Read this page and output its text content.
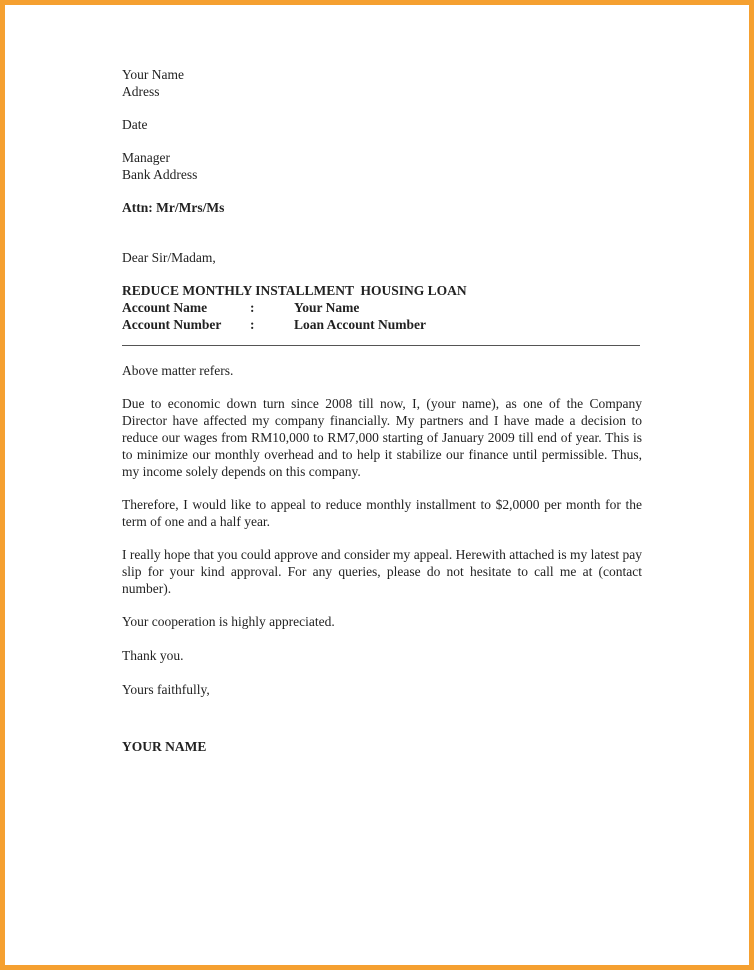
Your Name
Adress
Date
Manager
Bank Address
Attn: Mr/Mrs/Ms
Dear Sir/Madam,
REDUCE MONTHLY INSTALLMENT  HOUSING LOAN
Account Name	:	Your Name
Account Number	:	Loan Account Number

Above matter refers.

Due to economic down turn since 2008 till now, I, (your name), as one of the Company Director have affected my company financially. My partners and I have made a decision to reduce our wages from RM10,000 to RM7,000 starting of January 2009 till end of year. This is to minimize our monthly overhead and to help it stabilize our finance until permissible. Thus, my income solely depends on this company.

Therefore, I would like to appeal to reduce monthly installment to $2,0000 per month for the term of one and a half year.

I really hope that you could approve and consider my appeal. Herewith attached is my latest pay slip for your kind approval. For any queries, please do not hesitate to call me at (contact number).

Your cooperation is highly appreciated.

Thank you.
Yours faithfully,
YOUR NAME
